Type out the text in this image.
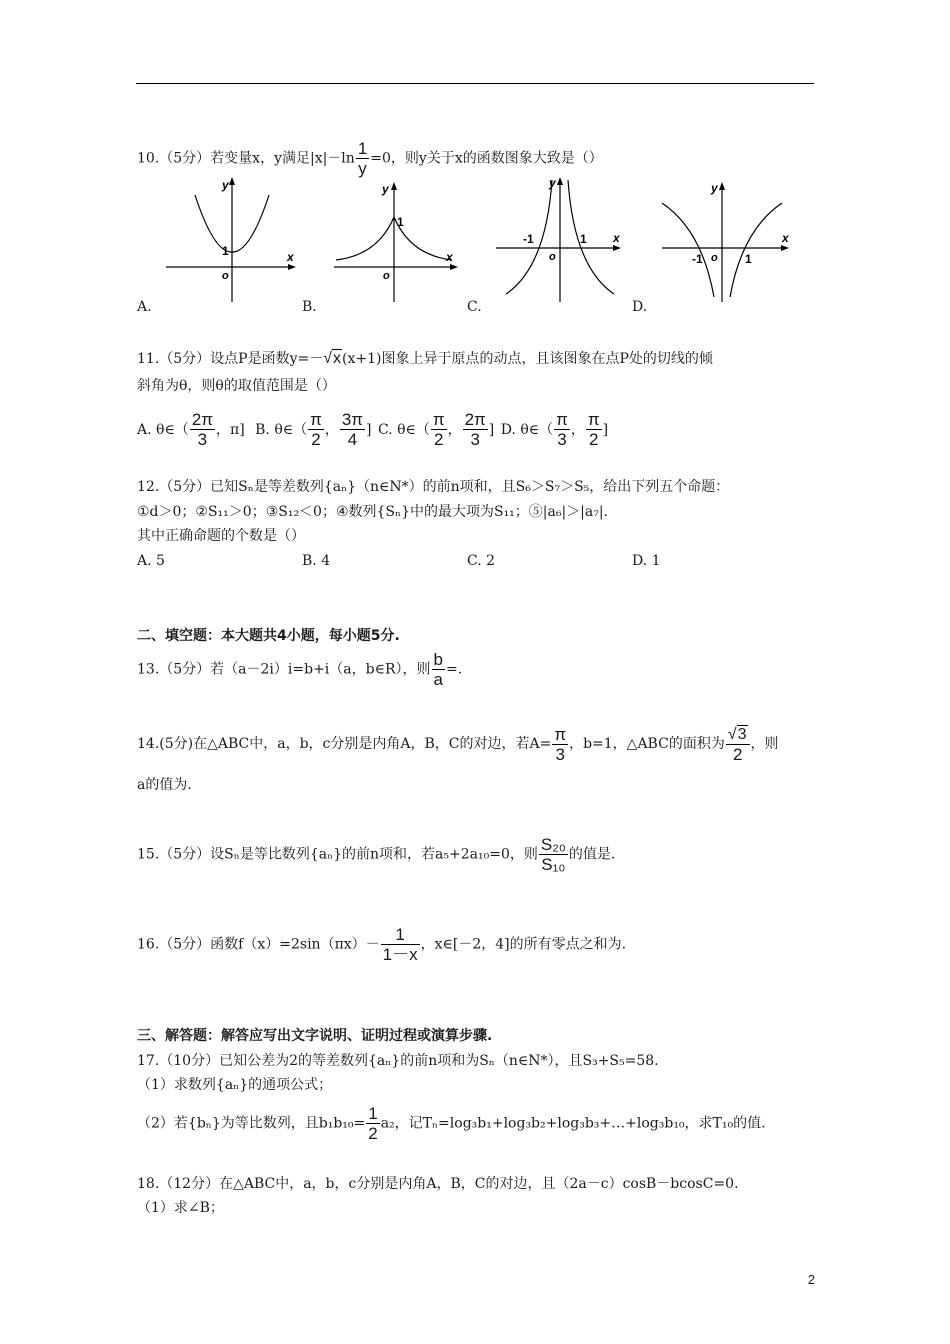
10.（5分）若变量x，y满足$|x|-\ln \frac{1}{y} =0$，则y关于x的函数图象大致是（）
y
x
o
1
A.
y
x
o
1
B.
y
x
o
-1	1
C.
y
x
o
-1	1
D.
11.（5分）设点P是函数y=－√x(x+1)图象上异于原点的动点，且该图象在点P处的切线的倾
斜角为θ，则θ的取值范围是（）
A. θ∈（ $\frac{2\pi}{3}$ ，π] B. θ∈（ $\frac{\pi}{2}$ ， $\frac{3\pi}{4}$ ] C. θ∈（ $\frac{\pi}{2}$ ， $\frac{2\pi}{3}$ ] D. θ∈（ $\frac{\pi}{3}$ ， $\frac{\pi}{2}$ ]
12.（5分）已知Sₙ是等差数列{aₙ}（n∈N*）的前n项和，且S₆＞S₇＞S₅，给出下列五个命题：
①d＞0；②S₁₁＞0；③S₁₂＜0；④数列{Sₙ}中的最大项为S₁₁；⑤|a₆|＞|a₇|.
其中正确命题的个数是（）
A. 5	B. 4	C. 2	D. 1
二、填空题：本大题共4小题，每小题5分.
13.（5分）若（a－2i）i=b+i（a，b∈R），则 $\frac{b}{a}$ =.
14.(5分)在△ABC中，a，b，c分别是内角A，B，C的对边，若$A= \frac{\pi}{3}$ ，b=1，△ABC的面积为 $\frac{√3}{2}$ ，则
a的值为.
15.（5分）设Sₙ是等比数列{aₙ}的前n项和，若a₅+2a₁₀=0，则 $\frac{\text{S₂₀}}{\text{S₁₀}}$ 的值是.
16.（5分）函数$f(x)=2\sin(\pi x)- \frac{1}{1-x}$ ，x∈[－2，4]的所有零点之和为.
三、解答题：解答应写出文字说明、证明过程或演算步骤.
17.（10分）已知公差为2的等差数列{aₙ}的前n项和为Sₙ（n∈N*），且S₃+S₅=58.
（1）求数列{aₙ}的通项公式；
（2）若{bₙ}为等比数列，且$b_1b_{10}= \frac{1}{2} a_2$，记Tₙ=log₃b₁+log₃b₂+log₃b₃+…+log₃b₁₀，求T₁₀的值.
18.（12分）在△ABC中，a，b，c分别是内角A，B，C的对边，且（2a－c）cosB－bcosC=0.
（1）求∠B；
2
